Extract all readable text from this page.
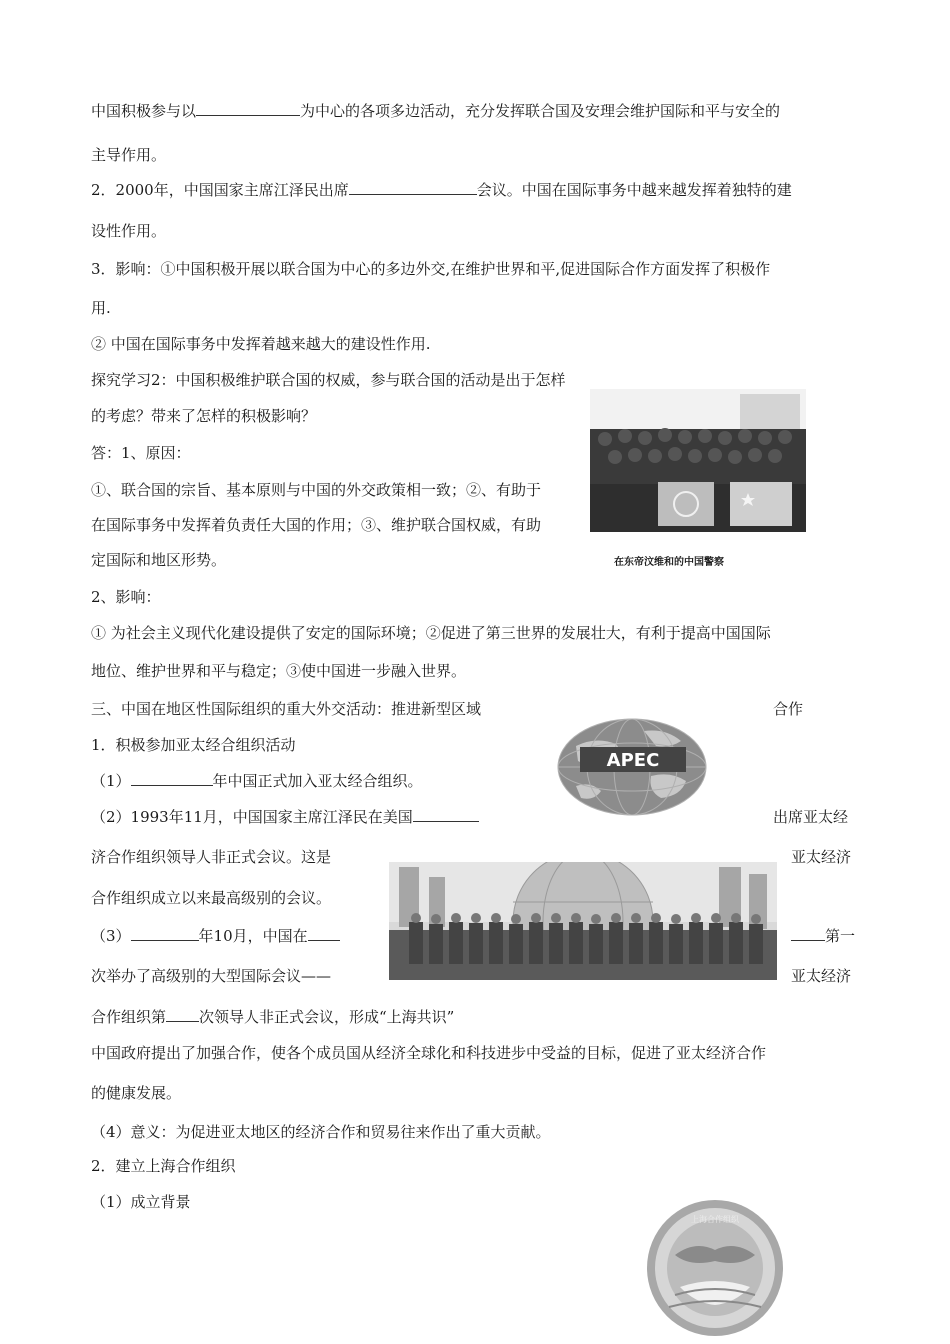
中国积极参与以	为中心的各项多边活动，充分发挥联合国及安理会维护国际和平与安全的
主导作用。
2．2000年，中国国家主席江泽民出席	会议。中国在国际事务中越来越发挥着独特的建
设性作用。
3．影响：①中国积极开展以联合国为中心的多边外交,在维护世界和平,促进国际合作方面发挥了积极作
用.
② 中国在国际事务中发挥着越来越大的建设性作用.
探究学习2：中国积极维护联合国的权威，参与联合国的活动是出于怎样
的考虑？带来了怎样的积极影响？
答：1、原因：
①、联合国的宗旨、基本原则与中国的外交政策相一致；②、有助于
在国际事务中发挥着负责任大国的作用；③、维护联合国权威，有助
定国际和地区形势。	在东帝汶维和的中国警察
2、影响：
① 为社会主义现代化建设提供了安定的国际环境；②促进了第三世界的发展壮大，有利于提高中国国际
地位、维护世界和平与稳定；③使中国进一步融入世界。
三、中国在地区性国际组织的重大外交活动：推进新型区域	合作
APEC
1．积极参加亚太经合组织活动
（1）	年中国正式加入亚太经合组织。
（2）1993年11月，中国国家主席江泽民在美国	出席亚太经
济合作组织领导人非正式会议。这是	亚太经济
合作组织成立以来最高级别的会议。
（3）	年10月，中国在	第一
次举办了高级别的大型国际会议——	亚太经济
合作组织第 次领导人非正式会议，形成“上海共识”
中国政府提出了加强合作，使各个成员国从经济全球化和科技进步中受益的目标，促进了亚太经济合作
的健康发展。
（4）意义：为促进亚太地区的经济合作和贸易往来作出了重大贡献。
2．建立上海合作组织
（1）成立背景
上海合作组织
